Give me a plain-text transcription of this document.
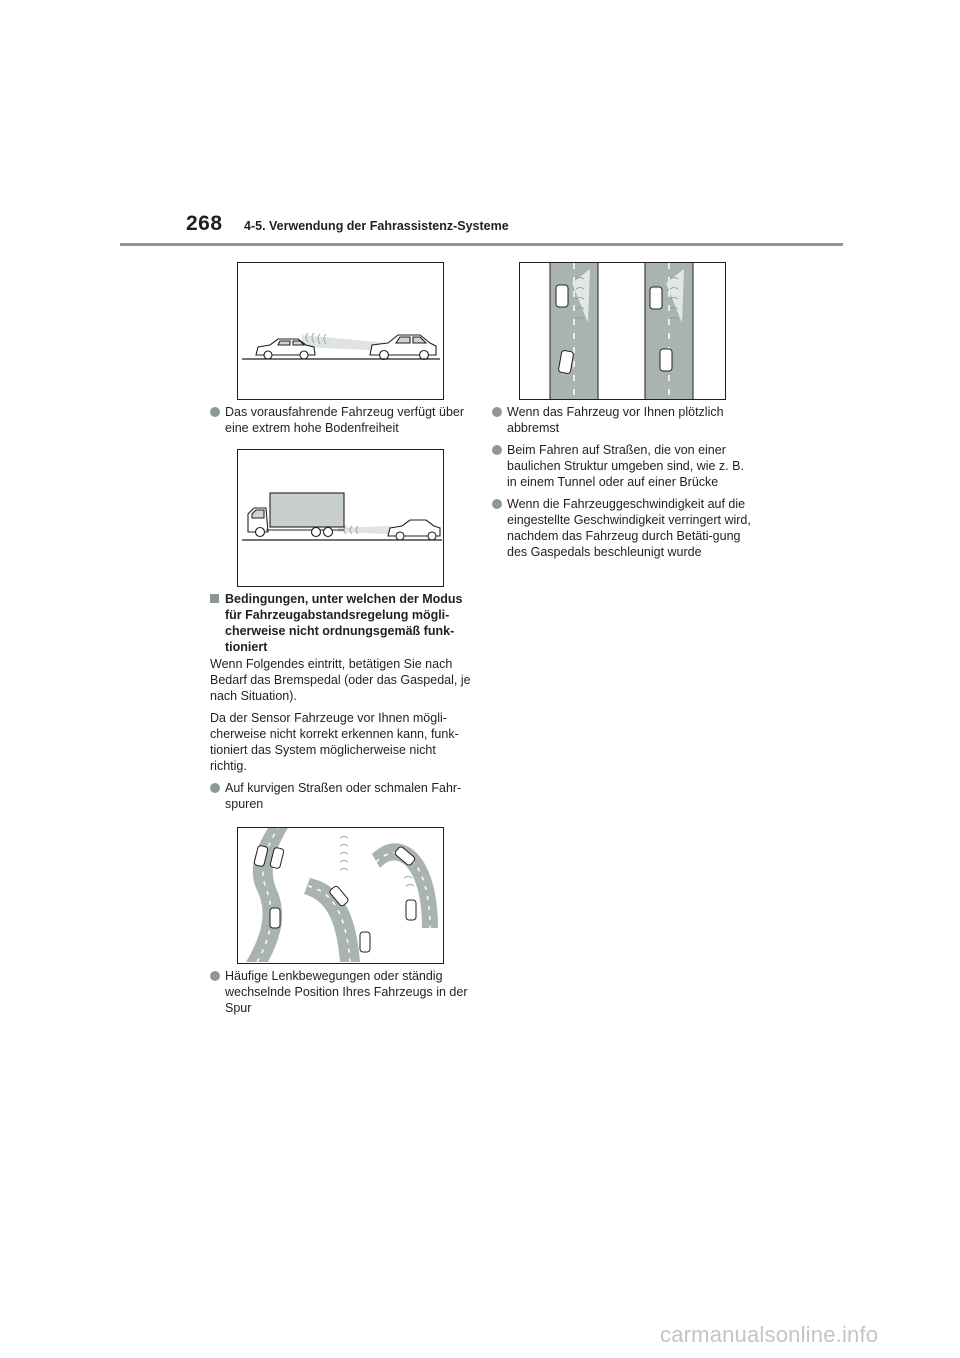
268 4-5. Verwendung der Fahrassistenz-Systeme
Das vorausfahrende Fahrzeug verfügt über eine extrem hohe Bodenfreiheit
Bedingungen, unter welchen der Modus für Fahrzeugabstandsregelung mögli-cherweise nicht ordnungsgemäß funk-tioniert
Wenn Folgendes eintritt, betätigen Sie nach Bedarf das Bremspedal (oder das Gaspedal, je nach Situation).
Da der Sensor Fahrzeuge vor Ihnen mögli-cherweise nicht korrekt erkennen kann, funk-tioniert das System möglicherweise nicht richtig.
Auf kurvigen Straßen oder schmalen Fahr-spuren
Häufige Lenkbewegungen oder ständig wechselnde Position Ihres Fahrzeugs in der Spur
Wenn das Fahrzeug vor Ihnen plötzlich abbremst
Beim Fahren auf Straßen, die von einer baulichen Struktur umgeben sind, wie z. B. in einem Tunnel oder auf einer Brücke
Wenn die Fahrzeuggeschwindigkeit auf die eingestellte Geschwindigkeit verringert wird, nachdem das Fahrzeug durch Betäti-gung des Gaspedals beschleunigt wurde
carmanualsonline.info
